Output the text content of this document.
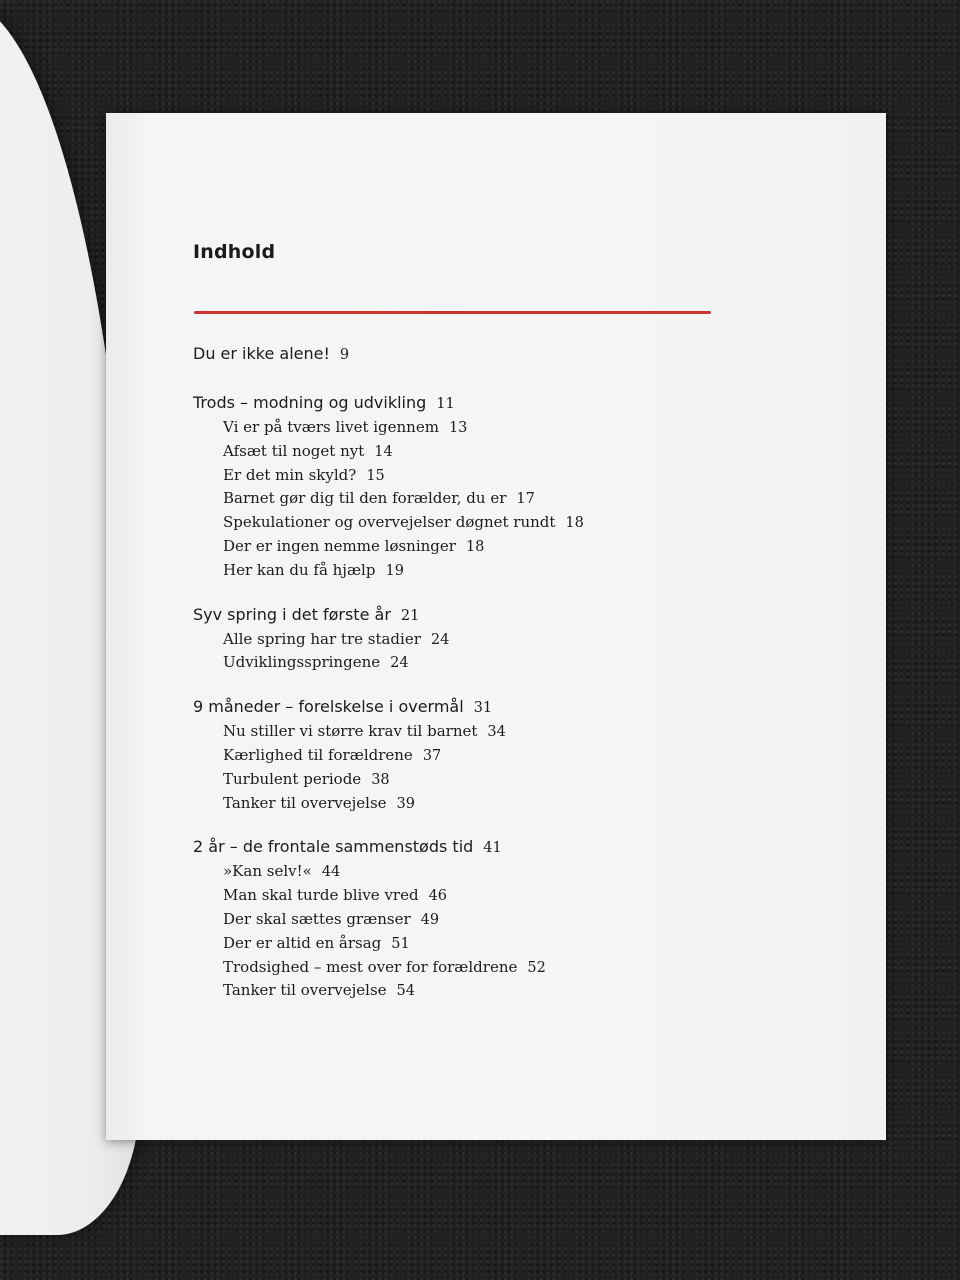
Indhold
Du er ikke alene! 9
Trods – modning og udvikling 11
Vi er på tværs livet igennem 13
Afsæt til noget nyt 14
Er det min skyld? 15
Barnet gør dig til den forælder, du er 17
Spekulationer og overvejelser døgnet rundt 18
Der er ingen nemme løsninger 18
Her kan du få hjælp 19
Syv spring i det første år 21
Alle spring har tre stadier 24
Udviklingsspringene 24
9 måneder – forelskelse i overmål 31
Nu stiller vi større krav til barnet 34
Kærlighed til forældrene 37
Turbulent periode 38
Tanker til overvejelse 39
2 år – de frontale sammenstøds tid 41
»Kan selv!« 44
Man skal turde blive vred 46
Der skal sættes grænser 49
Der er altid en årsag 51
Trodsighed – mest over for forældrene 52
Tanker til overvejelse 54
